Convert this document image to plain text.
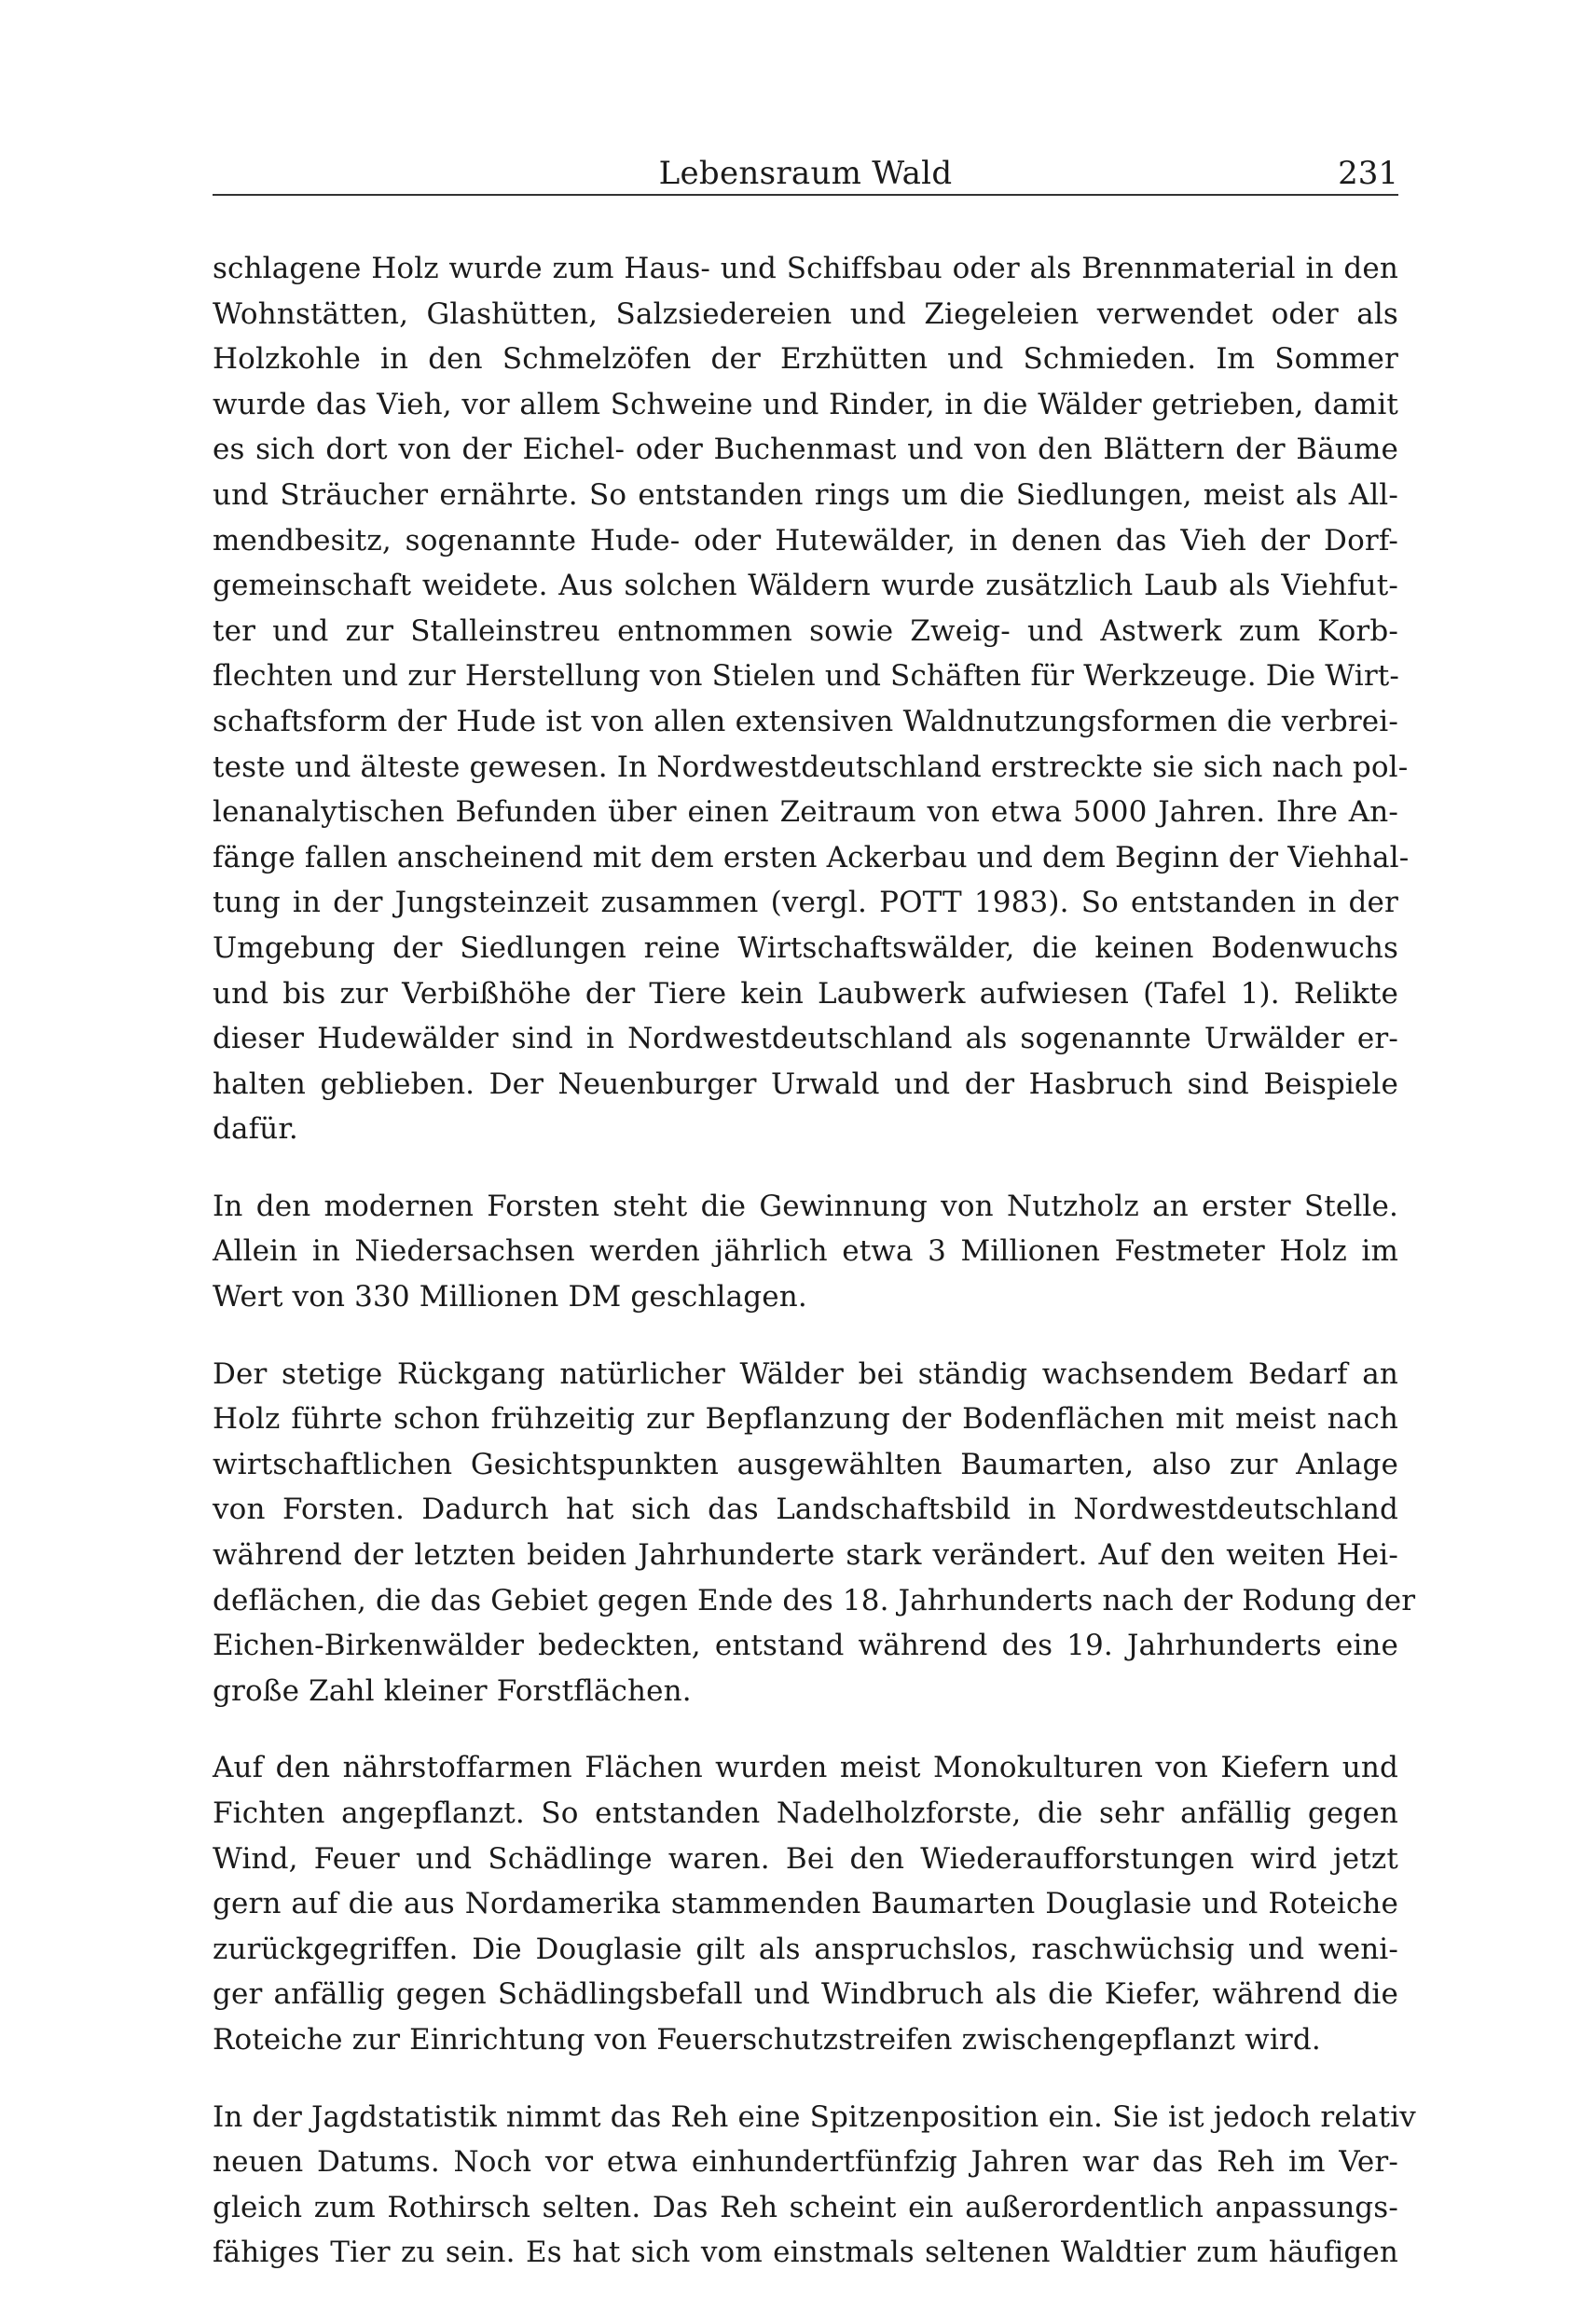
Lebensraum Wald	231
schlagene Holz wurde zum Haus- und Schiffsbau oder als Brennmaterial in den
Wohnstätten, Glashütten, Salzsiedereien und Ziegeleien verwendet oder als
Holzkohle in den Schmelzöfen der Erzhütten und Schmieden. Im Sommer
wurde das Vieh, vor allem Schweine und Rinder, in die Wälder getrieben, damit
es sich dort von der Eichel- oder Buchenmast und von den Blättern der Bäume
und Sträucher ernährte. So entstanden rings um die Siedlungen, meist als All-
mendbesitz, sogenannte Hude- oder Hutewälder, in denen das Vieh der Dorf-
gemeinschaft weidete. Aus solchen Wäldern wurde zusätzlich Laub als Viehfut-
ter und zur Stalleinstreu entnommen sowie Zweig- und Astwerk zum Korb-
flechten und zur Herstellung von Stielen und Schäften für Werkzeuge. Die Wirt-
schaftsform der Hude ist von allen extensiven Waldnutzungsformen die verbrei-
teste und älteste gewesen. In Nordwestdeutschland erstreckte sie sich nach pol-
lenanalytischen Befunden über einen Zeitraum von etwa 5000 Jahren. Ihre An-
fänge fallen anscheinend mit dem ersten Ackerbau und dem Beginn der Viehhal-
tung in der Jungsteinzeit zusammen (vergl. POTT 1983). So entstanden in der
Umgebung der Siedlungen reine Wirtschaftswälder, die keinen Bodenwuchs
und bis zur Verbißhöhe der Tiere kein Laubwerk aufwiesen (Tafel 1). Relikte
dieser Hudewälder sind in Nordwestdeutschland als sogenannte Urwälder er-
halten geblieben. Der Neuenburger Urwald und der Hasbruch sind Beispiele
dafür.
In den modernen Forsten steht die Gewinnung von Nutzholz an erster Stelle.
Allein in Niedersachsen werden jährlich etwa 3 Millionen Festmeter Holz im
Wert von 330 Millionen DM geschlagen.
Der stetige Rückgang natürlicher Wälder bei ständig wachsendem Bedarf an
Holz führte schon frühzeitig zur Bepflanzung der Bodenflächen mit meist nach
wirtschaftlichen Gesichtspunkten ausgewählten Baumarten, also zur Anlage
von Forsten. Dadurch hat sich das Landschaftsbild in Nordwestdeutschland
während der letzten beiden Jahrhunderte stark verändert. Auf den weiten Hei-
deflächen, die das Gebiet gegen Ende des 18. Jahrhunderts nach der Rodung der
Eichen-Birkenwälder bedeckten, entstand während des 19. Jahrhunderts eine
große Zahl kleiner Forstflächen.
Auf den nährstoffarmen Flächen wurden meist Monokulturen von Kiefern und
Fichten angepflanzt. So entstanden Nadelholzforste, die sehr anfällig gegen
Wind, Feuer und Schädlinge waren. Bei den Wiederaufforstungen wird jetzt
gern auf die aus Nordamerika stammenden Baumarten Douglasie und Roteiche
zurückgegriffen. Die Douglasie gilt als anspruchslos, raschwüchsig und weni-
ger anfällig gegen Schädlingsbefall und Windbruch als die Kiefer, während die
Roteiche zur Einrichtung von Feuerschutzstreifen zwischengepflanzt wird.
In der Jagdstatistik nimmt das Reh eine Spitzenposition ein. Sie ist jedoch relativ
neuen Datums. Noch vor etwa einhundertfünfzig Jahren war das Reh im Ver-
gleich zum Rothirsch selten. Das Reh scheint ein außerordentlich anpassungs-
fähiges Tier zu sein. Es hat sich vom einstmals seltenen Waldtier zum häufigen
